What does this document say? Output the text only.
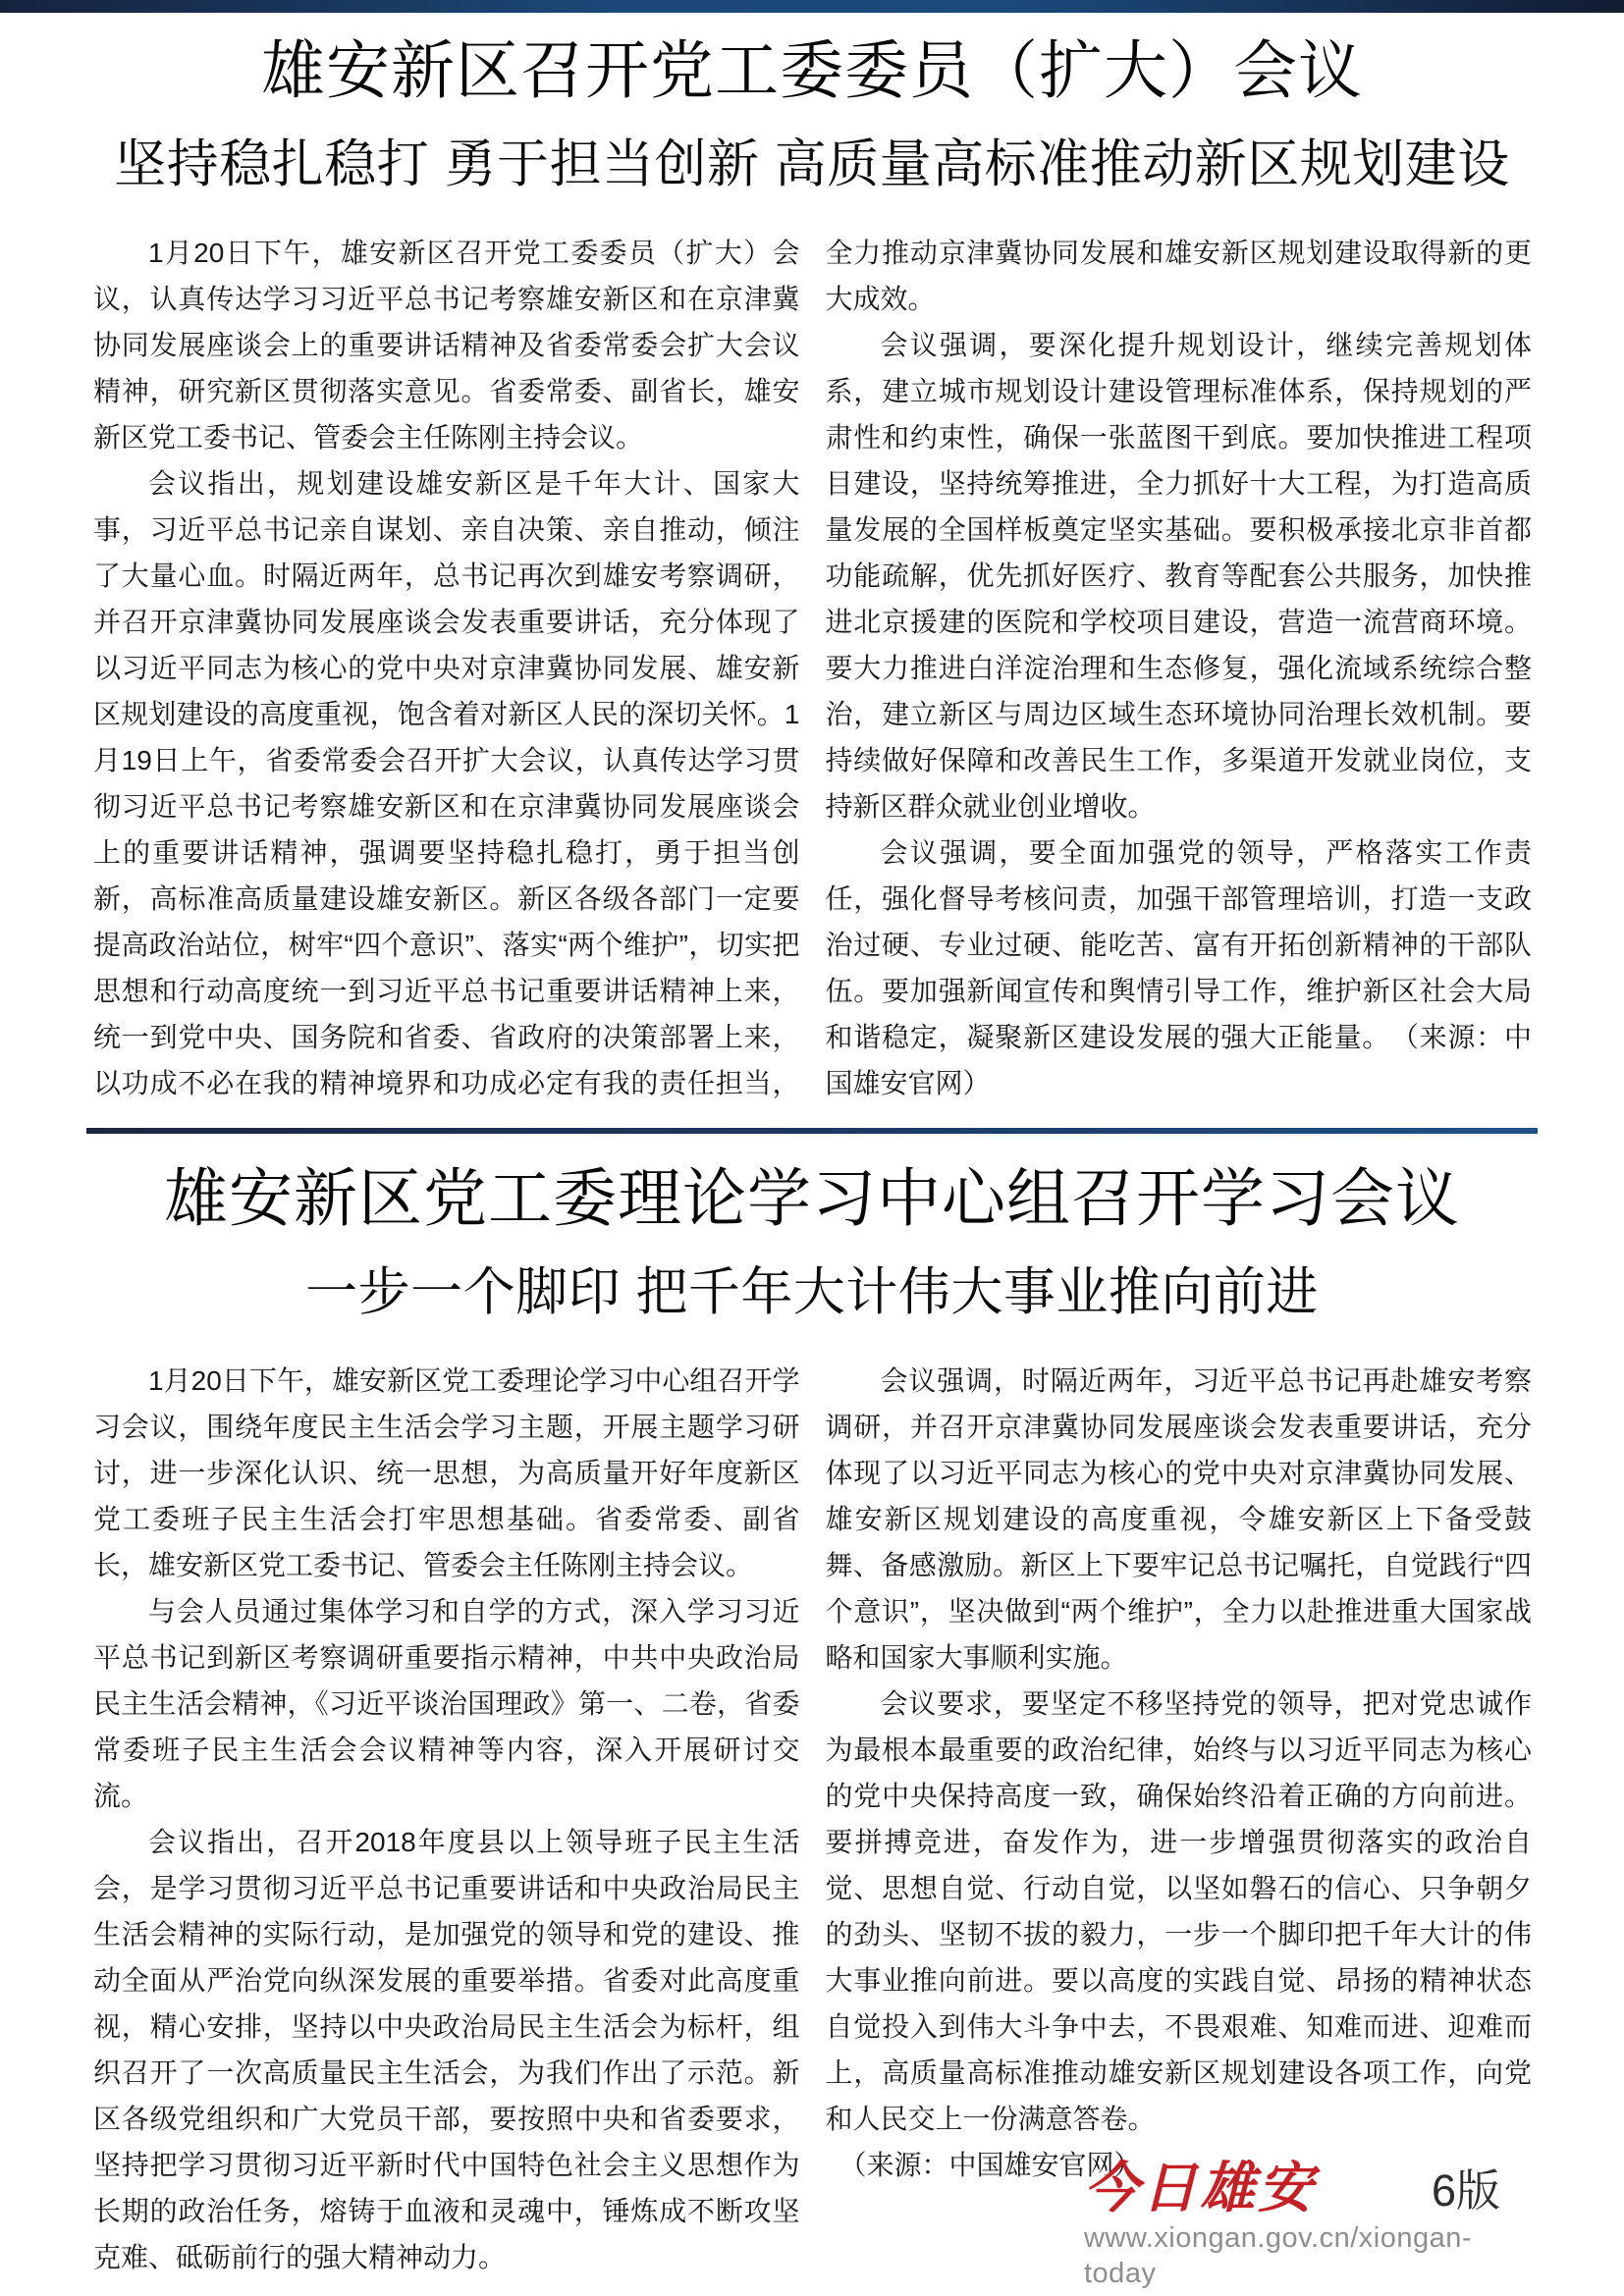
雄安新区召开党工委委员（扩大）会议
坚持稳扎稳打 勇于担当创新 高质量高标准推动新区规划建设

1月20日下午，雄安新区召开党工委委员（扩大）会议，认真传达学习习近平总书记考察雄安新区和在京津冀协同发展座谈会上的重要讲话精神及省委常委会扩大会议精神，研究新区贯彻落实意见。省委常委、副省长，雄安新区党工委书记、管委会主任陈刚主持会议。

会议指出，规划建设雄安新区是千年大计、国家大事，习近平总书记亲自谋划、亲自决策、亲自推动，倾注了大量心血。时隔近两年，总书记再次到雄安考察调研，并召开京津冀协同发展座谈会发表重要讲话，充分体现了以习近平同志为核心的党中央对京津冀协同发展、雄安新区规划建设的高度重视，饱含着对新区人民的深切关怀。1月19日上午，省委常委会召开扩大会议，认真传达学习贯彻习近平总书记考察雄安新区和在京津冀协同发展座谈会上的重要讲话精神，强调要坚持稳扎稳打，勇于担当创新，高标准高质量建设雄安新区。新区各级各部门一定要提高政治站位，树牢“四个意识”、落实“两个维护”，切实把思想和行动高度统一到习近平总书记重要讲话精神上来，统一到党中央、国务院和省委、省政府的决策部署上来，以功成不必在我的精神境界和功成必定有我的责任担当，全力推动京津冀协同发展和雄安新区规划建设取得新的更大成效。

会议强调，要深化提升规划设计，继续完善规划体系，建立城市规划设计建设管理标准体系，保持规划的严肃性和约束性，确保一张蓝图干到底。要加快推进工程项目建设，坚持统筹推进，全力抓好十大工程，为打造高质量发展的全国样板奠定坚实基础。要积极承接北京非首都功能疏解，优先抓好医疗、教育等配套公共服务，加快推进北京援建的医院和学校项目建设，营造一流营商环境。要大力推进白洋淀治理和生态修复，强化流域系统综合整治，建立新区与周边区域生态环境协同治理长效机制。要持续做好保障和改善民生工作，多渠道开发就业岗位，支持新区群众就业创业增收。

会议强调，要全面加强党的领导，严格落实工作责任，强化督导考核问责，加强干部管理培训，打造一支政治过硬、专业过硬、能吃苦、富有开拓创新精神的干部队伍。要加强新闻宣传和舆情引导工作，维护新区社会大局和谐稳定，凝聚新区建设发展的强大正能量。　（来源：中国雄安官网）

雄安新区党工委理论学习中心组召开学习会议
一步一个脚印 把千年大计伟大事业推向前进

1月20日下午，雄安新区党工委理论学习中心组召开学习会议，围绕年度民主生活会学习主题，开展主题学习研讨，进一步深化认识、统一思想，为高质量开好年度新区党工委班子民主生活会打牢思想基础。省委常委、副省长，雄安新区党工委书记、管委会主任陈刚主持会议。

与会人员通过集体学习和自学的方式，深入学习习近平总书记到新区考察调研重要指示精神，中共中央政治局民主生活会精神，《习近平谈治国理政》第一、二卷，省委常委班子民主生活会会议精神等内容，深入开展研讨交流。

会议指出，召开2018年度县以上领导班子民主生活会，是学习贯彻习近平总书记重要讲话和中央政治局民主生活会精神的实际行动，是加强党的领导和党的建设、推动全面从严治党向纵深发展的重要举措。省委对此高度重视，精心安排，坚持以中央政治局民主生活会为标杆，组织召开了一次高质量民主生活会，为我们作出了示范。新区各级党组织和广大党员干部，要按照中央和省委要求，坚持把学习贯彻习近平新时代中国特色社会主义思想作为长期的政治任务，熔铸于血液和灵魂中，锤炼成不断攻坚克难、砥砺前行的强大精神动力。

会议强调，时隔近两年，习近平总书记再赴雄安考察调研，并召开京津冀协同发展座谈会发表重要讲话，充分体现了以习近平同志为核心的党中央对京津冀协同发展、雄安新区规划建设的高度重视，令雄安新区上下备受鼓舞、备感激励。新区上下要牢记总书记嘱托，自觉践行“四个意识”，坚决做到“两个维护”，全力以赴推进重大国家战略和国家大事顺利实施。

会议要求，要坚定不移坚持党的领导，把对党忠诚作为最根本最重要的政治纪律，始终与以习近平同志为核心的党中央保持高度一致，确保始终沿着正确的方向前进。要拼搏竞进，奋发作为，进一步增强贯彻落实的政治自觉、思想自觉、行动自觉，以坚如磐石的信心、只争朝夕的劲头、坚韧不拔的毅力，一步一个脚印把千年大计的伟大事业推向前进。要以高度的实践自觉、昂扬的精神状态自觉投入到伟大斗争中去，不畏艰难、知难而进、迎难而上，高质量高标准推动雄安新区规划建设各项工作，向党和人民交上一份满意答卷。

（来源：中国雄安官网）

今日雄安	6版
www.xiongan.gov.cn/xiongan-today
